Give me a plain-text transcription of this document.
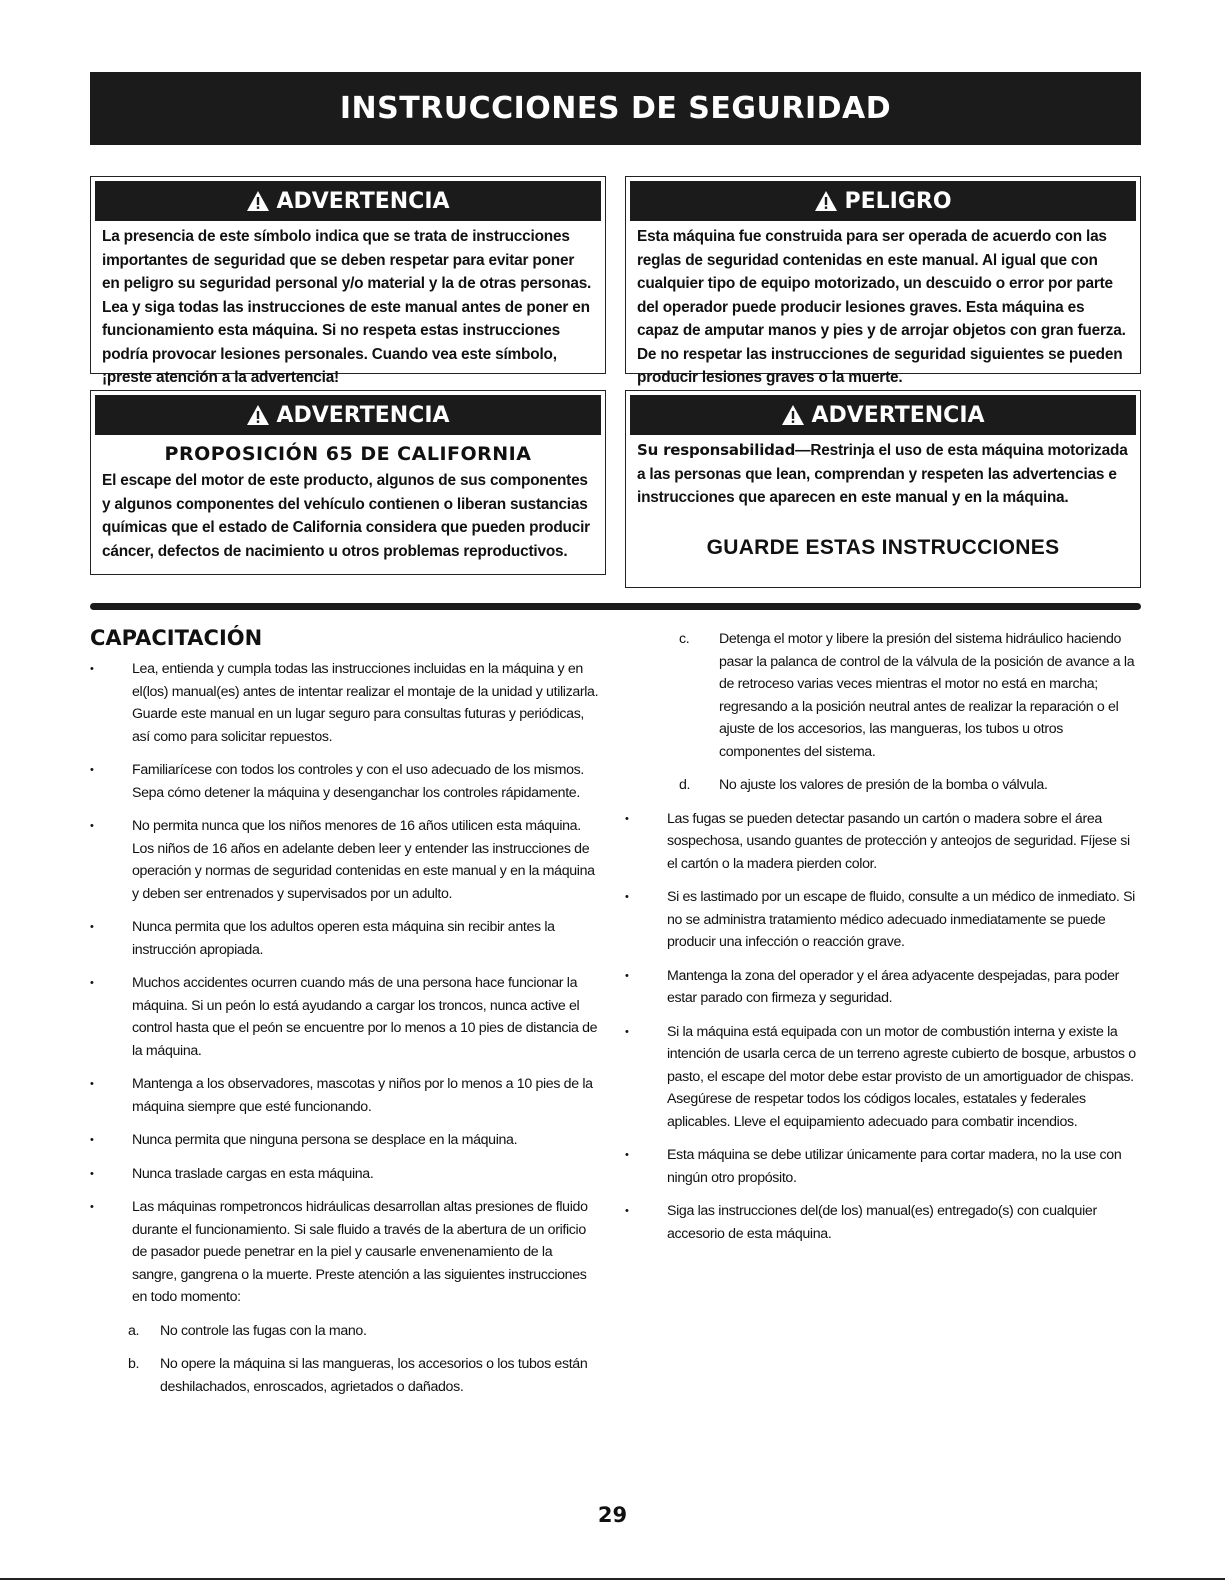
INSTRUCCIONES DE SEGURIDAD
ADVERTENCIA
La presencia de este símbolo indica que se trata de instrucciones importantes de seguridad que se deben respetar para evitar poner en peligro su seguridad personal y/o material y la de otras personas. Lea y siga todas las instrucciones de este manual antes de poner en funcionamiento esta máquina. Si no respeta estas instrucciones podría provocar lesiones personales. Cuando vea este símbolo, ¡preste atención a la advertencia!
PELIGRO
Esta máquina fue construida para ser operada de acuerdo con las reglas de seguridad contenidas en este manual. Al igual que con cualquier tipo de equipo motorizado, un descuido o error por parte del operador puede producir lesiones graves. Esta máquina es capaz de amputar manos y pies y de arrojar objetos con gran fuerza. De no respetar las instrucciones de seguridad siguientes se pueden producir lesiones graves o la muerte.
ADVERTENCIA
PROPOSICIÓN 65 DE CALIFORNIA
El escape del motor de este producto, algunos de sus componentes y algunos componentes del vehículo contienen o liberan sustancias químicas que el estado de California considera que pueden producir cáncer, defectos de nacimiento u otros problemas reproductivos.
ADVERTENCIA
Su responsabilidad—Restrinja el uso de esta máquina motorizada a las personas que lean, comprendan y respeten las advertencias e instrucciones que aparecen en este manual y en la máquina.
GUARDE ESTAS INSTRUCCIONES
CAPACITACIÓN
• Lea, entienda y cumpla todas las instrucciones incluidas en la máquina y en el(los) manual(es) antes de intentar realizar el montaje de la unidad y utilizarla. Guarde este manual en un lugar seguro para consultas futuras y periódicas, así como para solicitar repuestos.
• Familiarícese con todos los controles y con el uso adecuado de los mismos. Sepa cómo detener la máquina y desenganchar los controles rápidamente.
• No permita nunca que los niños menores de 16 años utilicen esta máquina. Los niños de 16 años en adelante deben leer y entender las instrucciones de operación y normas de seguridad contenidas en este manual y en la máquina y deben ser entrenados y supervisados por un adulto.
• Nunca permita que los adultos operen esta máquina sin recibir antes la instrucción apropiada.
• Muchos accidentes ocurren cuando más de una persona hace funcionar la máquina. Si un peón lo está ayudando a cargar los troncos, nunca active el control hasta que el peón se encuentre por lo menos a 10 pies de distancia de la máquina.
• Mantenga a los observadores, mascotas y niños por lo menos a 10 pies de la máquina siempre que esté funcionando.
• Nunca permita que ninguna persona se desplace en la máquina.
• Nunca traslade cargas en esta máquina.
• Las máquinas rompetroncos hidráulicas desarrollan altas presiones de fluido durante el funcionamiento. Si sale fluido a través de la abertura de un orificio de pasador puede penetrar en la piel y causarle envenenamiento de la sangre, gangrena o la muerte. Preste atención a las siguientes instrucciones en todo momento:
a. No controle las fugas con la mano.
b. No opere la máquina si las mangueras, los accesorios o los tubos están deshilachados, enroscados, agrietados o dañados.
c. Detenga el motor y libere la presión del sistema hidráulico haciendo pasar la palanca de control de la válvula de la posición de avance a la de retroceso varias veces mientras el motor no está en marcha; regresando a la posición neutral antes de realizar la reparación o el ajuste de los accesorios, las mangueras, los tubos u otros componentes del sistema.
d. No ajuste los valores de presión de la bomba o válvula.
• Las fugas se pueden detectar pasando un cartón o madera sobre el área sospechosa, usando guantes de protección y anteojos de seguridad. Fíjese si el cartón o la madera pierden color.
• Si es lastimado por un escape de fluido, consulte a un médico de inmediato. Si no se administra tratamiento médico adecuado inmediatamente se puede producir una infección o reacción grave.
• Mantenga la zona del operador y el área adyacente despejadas, para poder estar parado con firmeza y seguridad.
• Si la máquina está equipada con un motor de combustión interna y existe la intención de usarla cerca de un terreno agreste cubierto de bosque, arbustos o pasto, el escape del motor debe estar provisto de un amortiguador de chispas. Asegúrese de respetar todos los códigos locales, estatales y federales aplicables. Lleve el equipamiento adecuado para combatir incendios.
• Esta máquina se debe utilizar únicamente para cortar madera, no la use con ningún otro propósito.
• Siga las instrucciones del(de los) manual(es) entregado(s) con cualquier accesorio de esta máquina.
29
